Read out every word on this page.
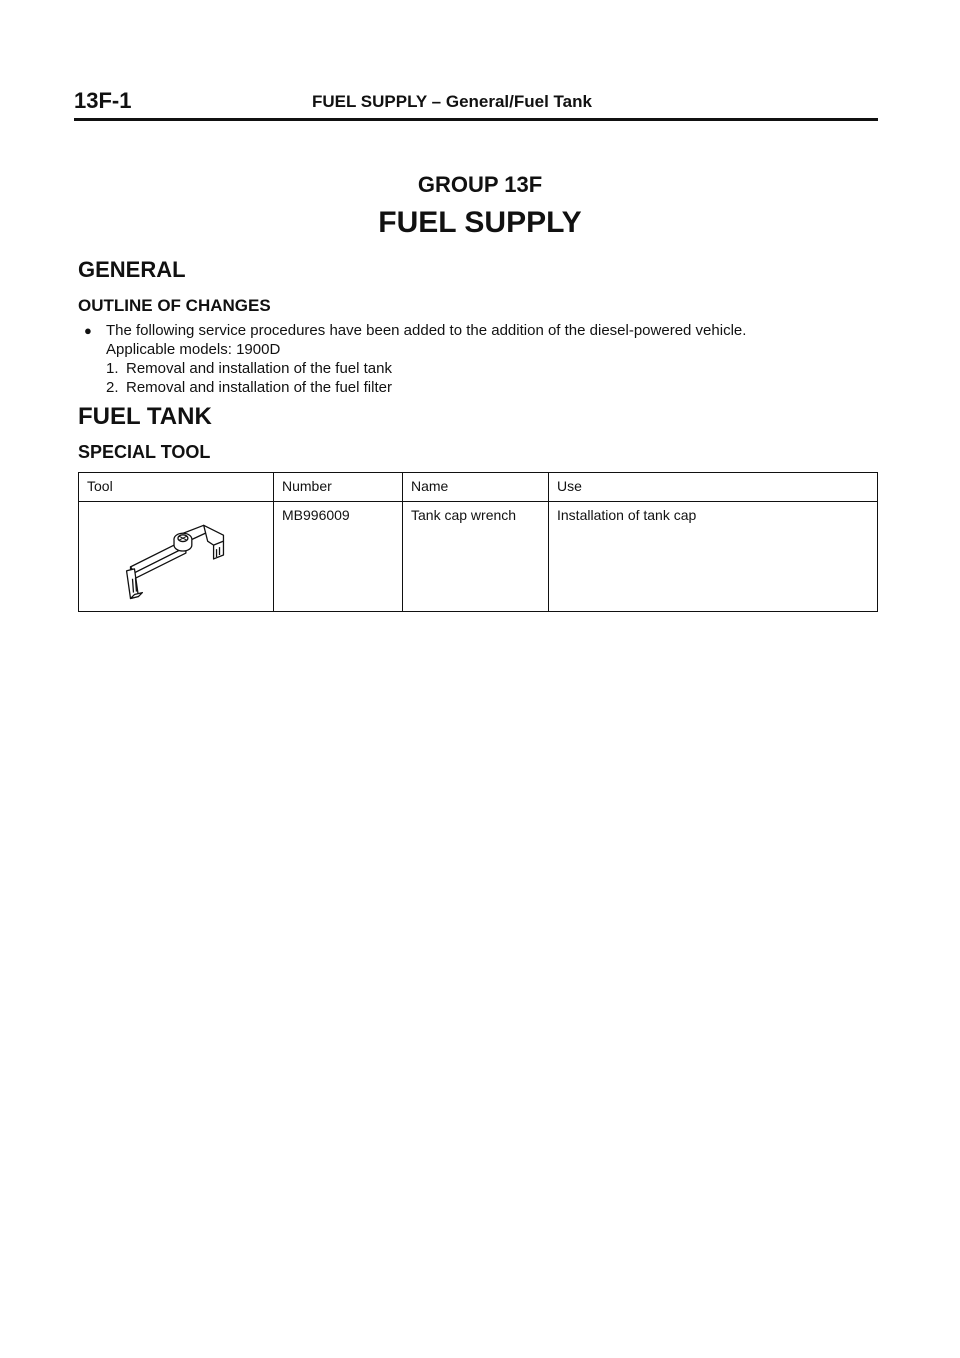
13F-1	FUEL SUPPLY – General/Fuel Tank
GROUP 13F
FUEL SUPPLY
GENERAL
OUTLINE OF CHANGES
● The following service procedures have been added to the addition of the diesel-powered vehicle.
Applicable models: 1900D
1. Removal and installation of the fuel tank
2. Removal and installation of the fuel filter
FUEL TANK
SPECIAL TOOL
Tool	Number	Name	Use
	MB996009	Tank cap wrench	Installation of tank cap
